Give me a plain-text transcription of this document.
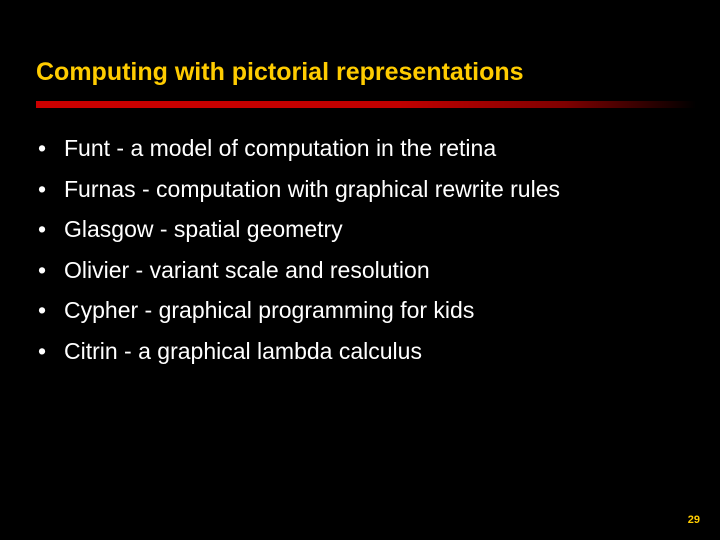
Computing with pictorial representations
• Funt - a model of computation in the retina
• Furnas - computation with graphical rewrite rules
• Glasgow - spatial geometry
• Olivier - variant scale and resolution
• Cypher - graphical programming for kids
• Citrin - a graphical lambda calculus
29
